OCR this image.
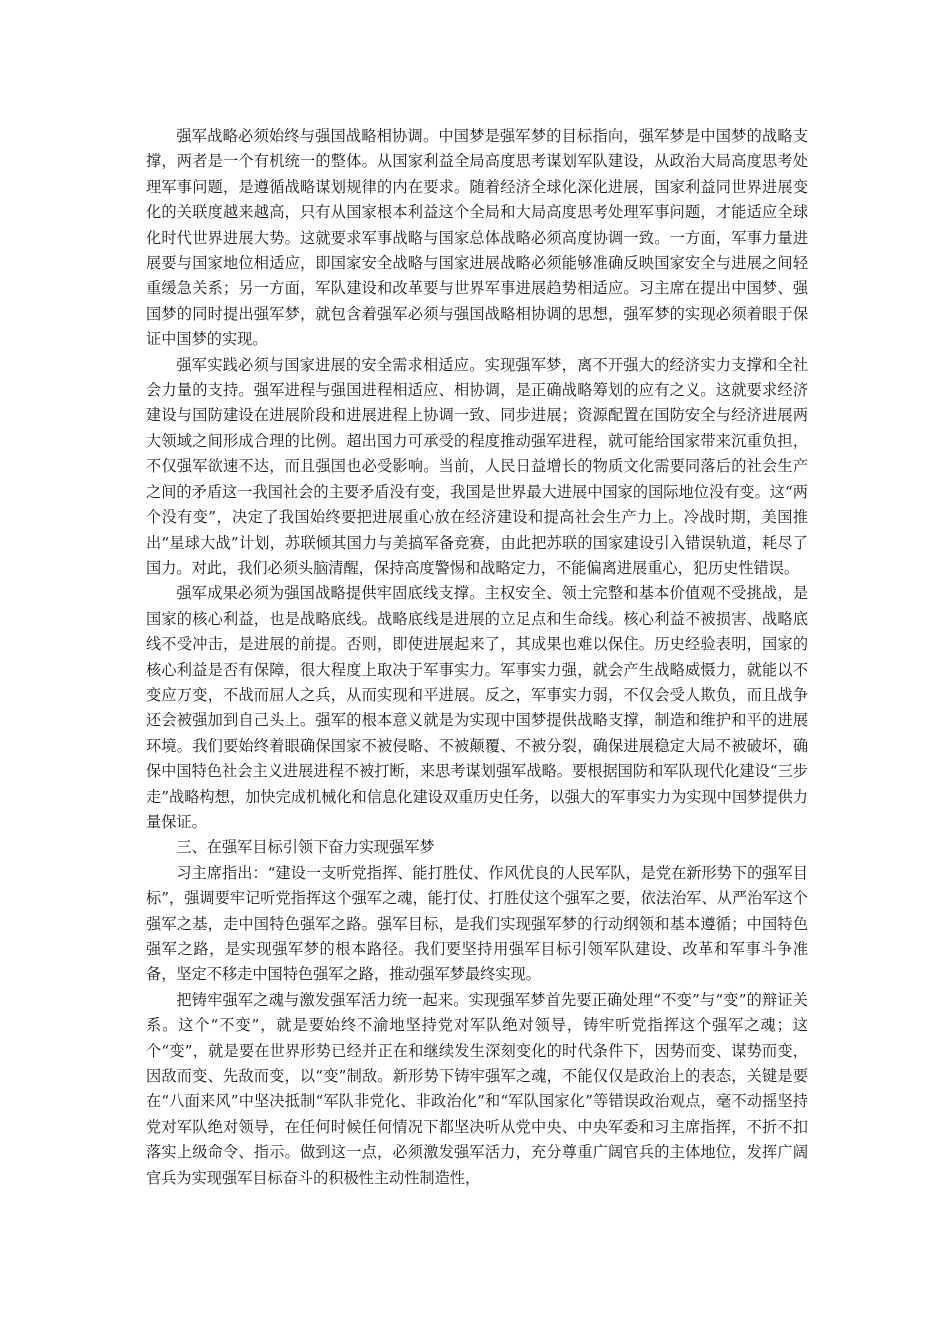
强军战略必须始终与强国战略相协调。中国梦是强军梦的目标指向，强军梦是中国梦的战略支撑，两者是一个有机统一的整体。从国家利益全局高度思考谋划军队建设，从政治大局高度思考处理军事问题，是遵循战略谋划规律的内在要求。随着经济全球化深化进展，国家利益同世界进展变化的关联度越来越高，只有从国家根本利益这个全局和大局高度思考处理军事问题，才能适应全球化时代世界进展大势。这就要求军事战略与国家总体战略必须高度协调一致。一方面，军事力量进展要与国家地位相适应，即国家安全战略与国家进展战略必须能够准确反映国家安全与进展之间轻重缓急关系；另一方面，军队建设和改革要与世界军事进展趋势相适应。习主席在提出中国梦、强国梦的同时提出强军梦，就包含着强军必须与强国战略相协调的思想，强军梦的实现必须着眼于保证中国梦的实现。

强军实践必须与国家进展的安全需求相适应。实现强军梦，离不开强大的经济实力支撑和全社会力量的支持。强军进程与强国进程相适应、相协调，是正确战略筹划的应有之义。这就要求经济建设与国防建设在进展阶段和进展进程上协调一致、同步进展；资源配置在国防安全与经济进展两大领域之间形成合理的比例。超出国力可承受的程度推动强军进程，就可能给国家带来沉重负担，不仅强军欲速不达，而且强国也必受影响。当前，人民日益增长的物质文化需要同落后的社会生产之间的矛盾这一我国社会的主要矛盾没有变，我国是世界最大进展中国家的国际地位没有变。这“两个没有变”，决定了我国始终要把进展重心放在经济建设和提高社会生产力上。冷战时期，美国推出“星球大战”计划，苏联倾其国力与美搞军备竞赛，由此把苏联的国家建设引入错误轨道，耗尽了国力。对此，我们必须头脑清醒，保持高度警惕和战略定力，不能偏离进展重心，犯历史性错误。

强军成果必须为强国战略提供牢固底线支撑。主权安全、领土完整和基本价值观不受挑战，是国家的核心利益，也是战略底线。战略底线是进展的立足点和生命线。核心利益不被损害、战略底线不受冲击，是进展的前提。否则，即使进展起来了，其成果也难以保住。历史经验表明，国家的核心利益是否有保障，很大程度上取决于军事实力。军事实力强，就会产生战略威慑力，就能以不变应万变，不战而屈人之兵，从而实现和平进展。反之，军事实力弱，不仅会受人欺负，而且战争还会被强加到自己头上。强军的根本意义就是为实现中国梦提供战略支撑，制造和维护和平的进展环境。我们要始终着眼确保国家不被侵略、不被颠覆、不被分裂，确保进展稳定大局不被破坏，确保中国特色社会主义进展进程不被打断，来思考谋划强军战略。要根据国防和军队现代化建设“三步走”战略构想，加快完成机械化和信息化建设双重历史任务，以强大的军事实力为实现中国梦提供力量保证。

三、在强军目标引领下奋力实现强军梦

习主席指出：“建设一支听党指挥、能打胜仗、作风优良的人民军队，是党在新形势下的强军目标”，强调要牢记听党指挥这个强军之魂，能打仗、打胜仗这个强军之要，依法治军、从严治军这个强军之基，走中国特色强军之路。强军目标，是我们实现强军梦的行动纲领和基本遵循；中国特色强军之路，是实现强军梦的根本路径。我们要坚持用强军目标引领军队建设、改革和军事斗争准备，坚定不移走中国特色强军之路，推动强军梦最终实现。

把铸牢强军之魂与激发强军活力统一起来。实现强军梦首先要正确处理“不变”与“变”的辩证关系。这个“不变”，就是要始终不渝地坚持党对军队绝对领导，铸牢听党指挥这个强军之魂；这个“变”，就是要在世界形势已经并正在和继续发生深刻变化的时代条件下，因势而变、谋势而变，因敌而变、先敌而变，以“变”制敌。新形势下铸牢强军之魂，不能仅仅是政治上的表态，关键是要在“八面来风”中坚决抵制“军队非党化、非政治化”和“军队国家化”等错误政治观点，毫不动摇坚持党对军队绝对领导，在任何时候任何情况下都坚决听从党中央、中央军委和习主席指挥，不折不扣落实上级命令、指示。做到这一点，必须激发强军活力，充分尊重广阔官兵的主体地位，发挥广阔官兵为实现强军目标奋斗的积极性主动性制造性，
